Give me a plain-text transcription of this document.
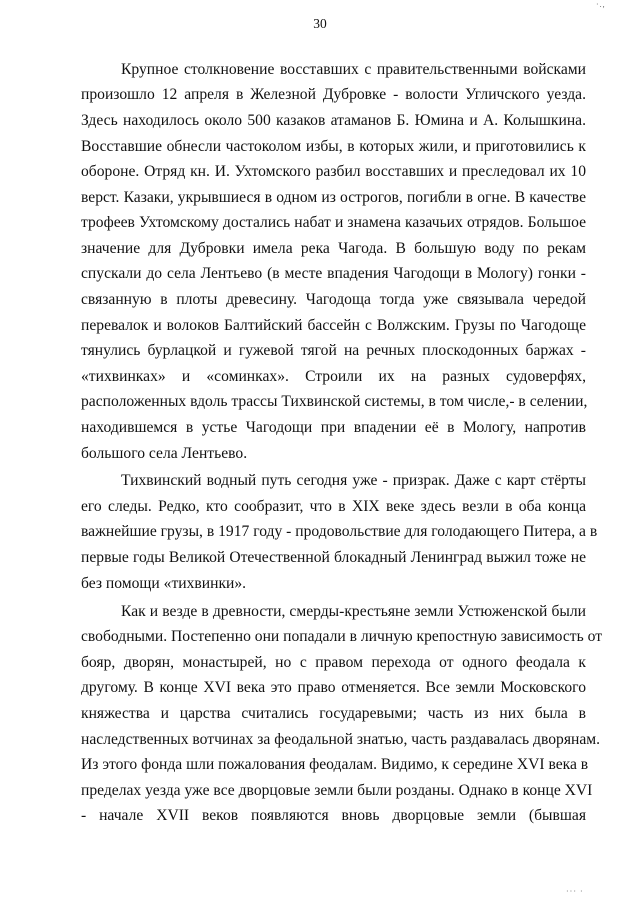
·.,
30
Крупное столкновение восставших с правительственными войсками
произошло 12 апреля в Железной Дубровке - волости Угличского уезда.
Здесь находилось около 500 казаков атаманов Б. Юмина и А. Колышкина.
Восставшие обнесли частоколом избы, в которых жили, и приготовились к
обороне. Отряд кн. И. Ухтомского разбил восставших и преследовал их 10
верст. Казаки, укрывшиеся в одном из острогов, погибли в огне. В качестве
трофеев Ухтомскому достались набат и знамена казачьих отрядов. Большое
значение для Дубровки имела река Чагода. В большую воду по рекам
спускали до села Лентьево (в месте впадения Чагодощи в Мологу) гонки -
связанную в плоты древесину. Чагодоща тогда уже связывала чередой
перевалок и волоков Балтийский бассейн с Волжским. Грузы по Чагодоще
тянулись бурлацкой и гужевой тягой на речных плоскодонных баржах -
«тихвинках» и «соминках». Строили их на разных судоверфях,
расположенных вдоль трассы Тихвинской системы, в том числе,- в селении,
находившемся в устье Чагодощи при впадении её в Мологу, напротив
большого села Лентьево.
Тихвинский водный путь сегодня уже - призрак. Даже с карт стёрты
его следы. Редко, кто сообразит, что в XIX веке здесь везли в оба конца
важнейшие грузы, в 1917 году - продовольствие для голодающего Питера, а в
первые годы Великой Отечественной блокадный Ленинград выжил тоже не
без помощи «тихвинки».
Как и везде в древности, смерды-крестьяне земли Устюженской были
свободными. Постепенно они попадали в личную крепостную зависимость от
бояр, дворян, монастырей, но с правом перехода от одного феодала к
другому. В конце XVI века это право отменяется. Все земли Московского
княжества и царства считались государевыми; часть из них была в
наследственных вотчинах за феодальной знатью, часть раздавалась дворянам.
Из этого фонда шли пожалования феодалам. Видимо, к середине XVI века в
пределах уезда уже все дворцовые земли были розданы. Однако в конце XVI
- начале XVII веков появляются вновь дворцовые земли (бывшая
··· ·
